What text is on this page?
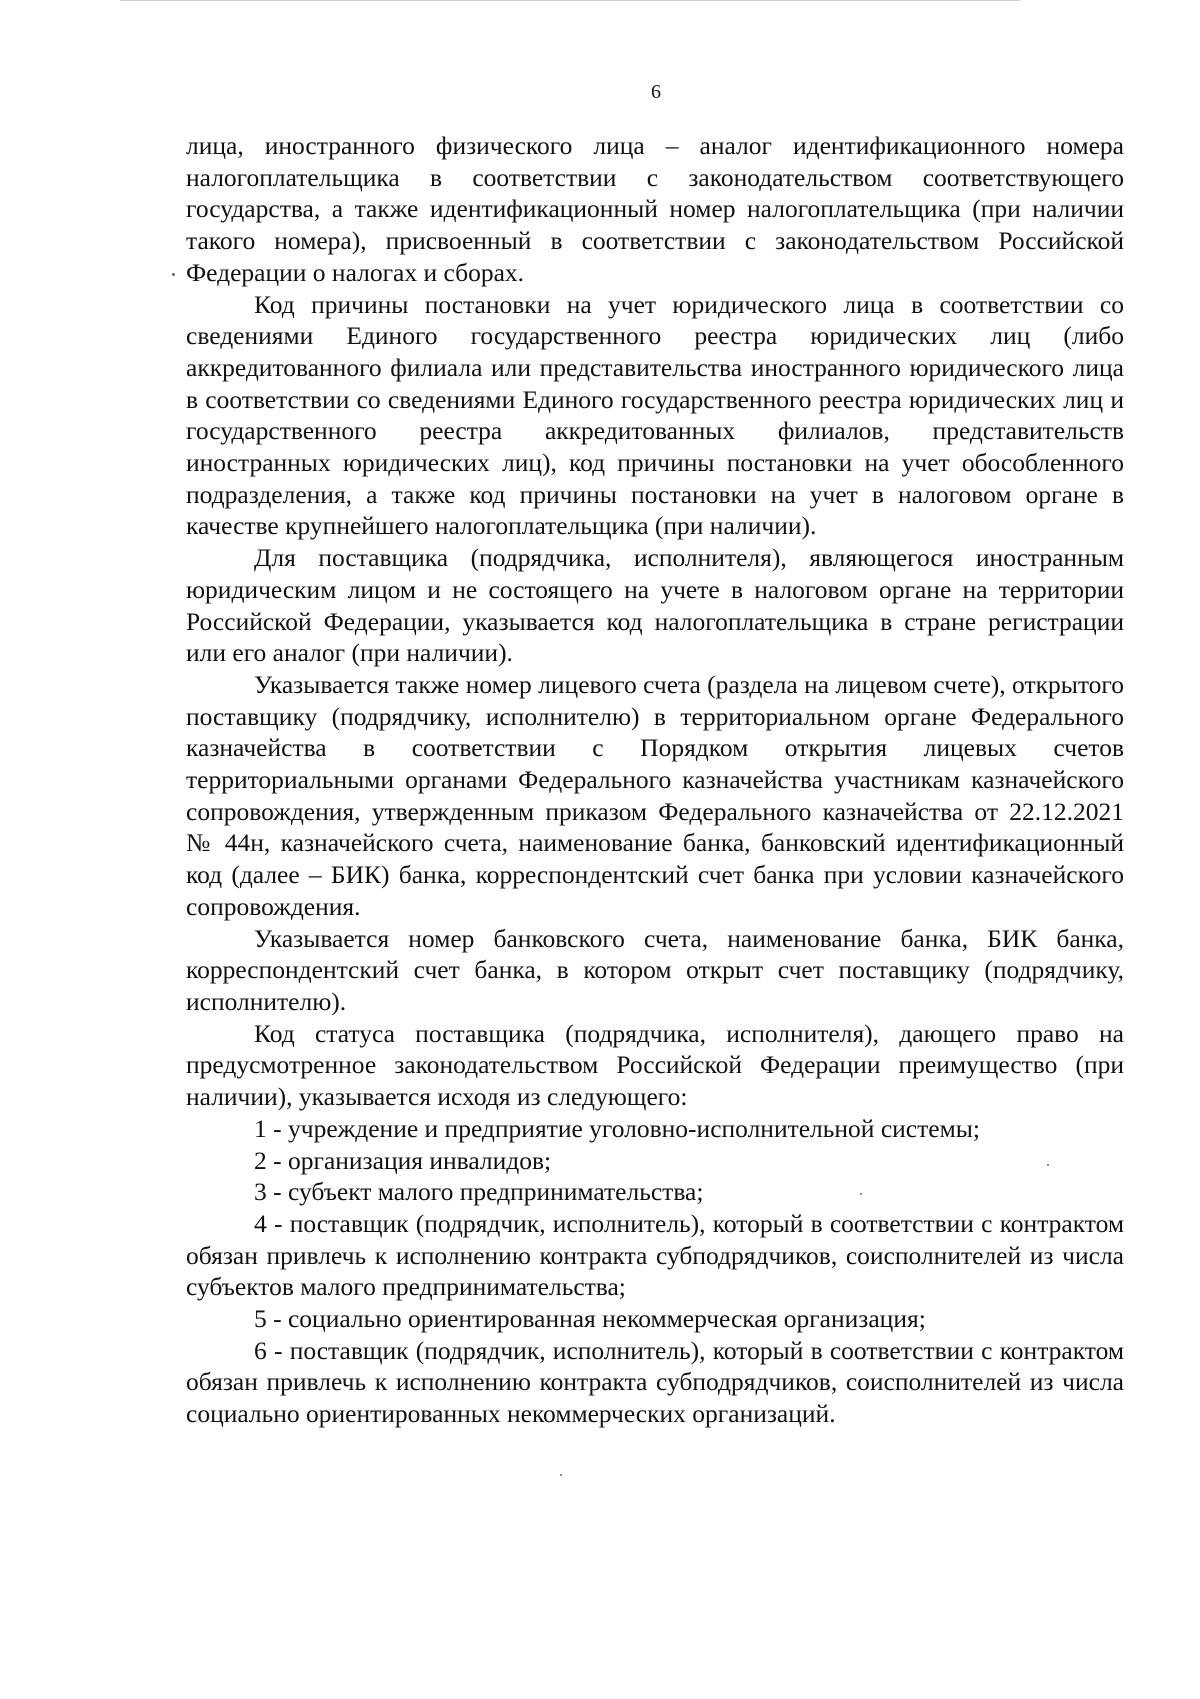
6

лица, иностранного физического лица – аналог идентификационного номера налогоплательщика в соответствии с законодательством соответствующего государства, а также идентификационный номер налогоплательщика (при наличии такого номера), присвоенный в соответствии с законодательством Российской Федерации о налогах и сборах.

Код причины постановки на учет юридического лица в соответствии со сведениями Единого государственного реестра юридических лиц (либо аккредитованного филиала или представительства иностранного юридического лица в соответствии со сведениями Единого государственного реестра юридических лиц и государственного реестра аккредитованных филиалов, представительств иностранных юридических лиц), код причины постановки на учет обособленного подразделения, а также код причины постановки на учет в налоговом органе в качестве крупнейшего налогоплательщика (при наличии).

Для поставщика (подрядчика, исполнителя), являющегося иностранным юридическим лицом и не состоящего на учете в налоговом органе на территории Российской Федерации, указывается код налогоплательщика в стране регистрации или его аналог (при наличии).

Указывается также номер лицевого счета (раздела на лицевом счете), открытого поставщику (подрядчику, исполнителю) в территориальном органе Федерального казначейства в соответствии с Порядком открытия лицевых счетов территориальными органами Федерального казначейства участникам казначейского сопровождения, утвержденным приказом Федерального казначейства от 22.12.2021 № 44н, казначейского счета, наименование банка, банковский идентификационный код (далее – БИК) банка, корреспондентский счет банка при условии казначейского сопровождения.

Указывается номер банковского счета, наименование банка, БИК банка, корреспондентский счет банка, в котором открыт счет поставщику (подрядчику, исполнителю).

Код статуса поставщика (подрядчика, исполнителя), дающего право на предусмотренное законодательством Российской Федерации преимущество (при наличии), указывается исходя из следующего:

1 - учреждение и предприятие уголовно-исполнительной системы;

2 - организация инвалидов;

3 - субъект малого предпринимательства;

4 - поставщик (подрядчик, исполнитель), который в соответствии с контрактом обязан привлечь к исполнению контракта субподрядчиков, соисполнителей из числа субъектов малого предпринимательства;

5 - социально ориентированная некоммерческая организация;

6 - поставщик (подрядчик, исполнитель), который в соответствии с контрактом обязан привлечь к исполнению контракта субподрядчиков, соисполнителей из числа социально ориентированных некоммерческих организаций.
